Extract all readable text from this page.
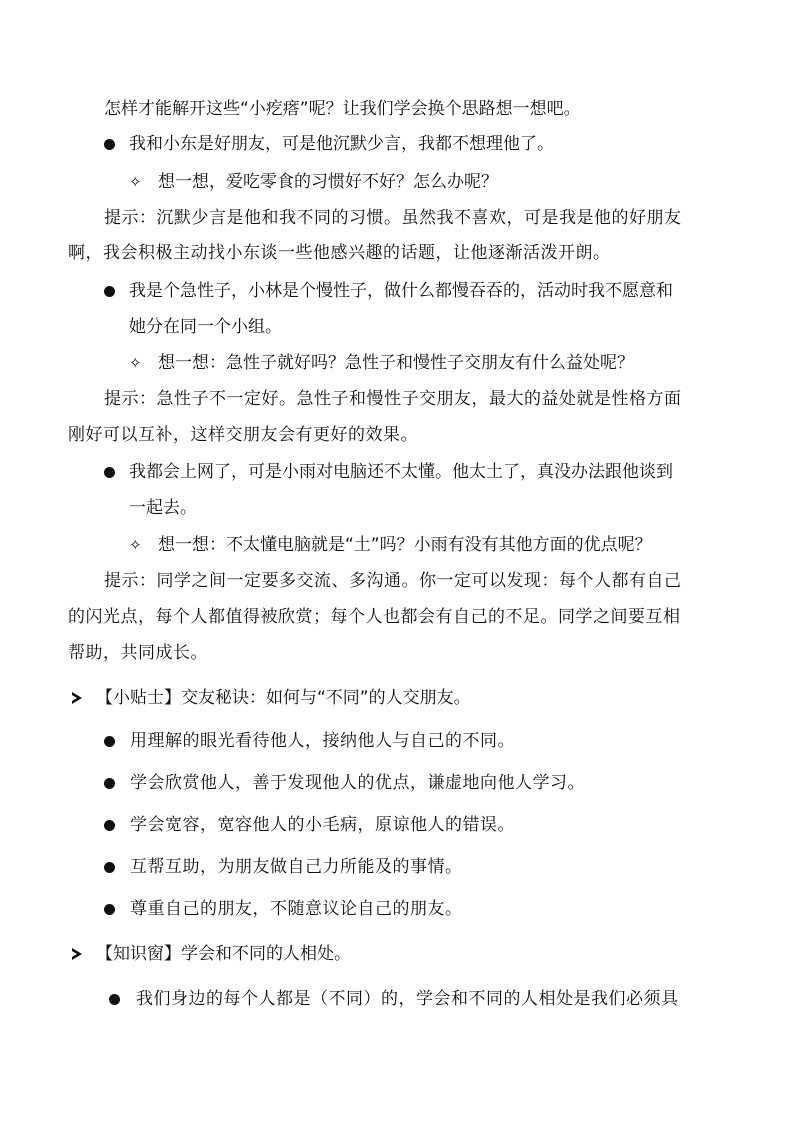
怎样才能解开这些“小疙瘩”呢？让我们学会换个思路想一想吧。
我和小东是好朋友，可是他沉默少言，我都不想理他了。
✧ 想一想，爱吃零食的习惯好不好？怎么办呢？
提示：沉默少言是他和我不同的习惯。虽然我不喜欢，可是我是他的好朋友
啊，我会积极主动找小东谈一些他感兴趣的话题，让他逐渐活泼开朗。
我是个急性子，小林是个慢性子，做什么都慢吞吞的，活动时我不愿意和
她分在同一个小组。
✧ 想一想：急性子就好吗？急性子和慢性子交朋友有什么益处呢？
提示：急性子不一定好。急性子和慢性子交朋友，最大的益处就是性格方面
刚好可以互补，这样交朋友会有更好的效果。
我都会上网了，可是小雨对电脑还不太懂。他太土了，真没办法跟他谈到
一起去。
✧ 想一想：不太懂电脑就是“土”吗？小雨有没有其他方面的优点呢？
提示：同学之间一定要多交流、多沟通。你一定可以发现：每个人都有自己
的闪光点，每个人都值得被欣赏；每个人也都会有自己的不足。同学之间要互相
帮助，共同成长。
【小贴士】交友秘诀：如何与“不同”的人交朋友。
用理解的眼光看待他人，接纳他人与自己的不同。
学会欣赏他人，善于发现他人的优点，谦虚地向他人学习。
学会宽容，宽容他人的小毛病，原谅他人的错误。
互帮互助，为朋友做自己力所能及的事情。
尊重自己的朋友，不随意议论自己的朋友。
【知识窗】学会和不同的人相处。
我们身边的每个人都是（不同）的，学会和不同的人相处是我们必须具
